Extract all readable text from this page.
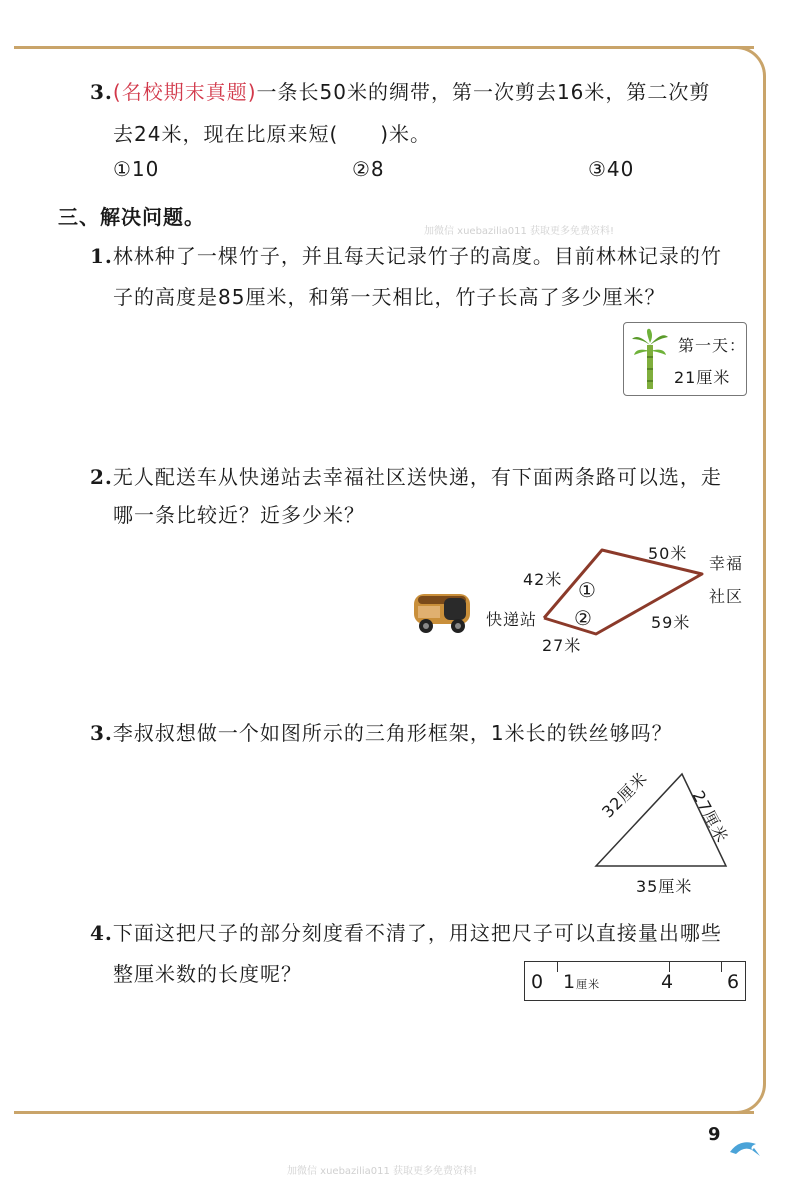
3.(名校期末真题)一条长50米的绸带，第一次剪去16米，第二次剪
去24米，现在比原来短(　　)米。
①10	②8	③40
三、解决问题。
加微信 xuebazilia011 获取更多免费资料!
1.林林种了一棵竹子，并且每天记录竹子的高度。目前林林记录的竹
子的高度是85厘米，和第一天相比，竹子长高了多少厘米？
第一天：
21厘米
2.无人配送车从快递站去幸福社区送快递，有下面两条路可以选，走
哪一条比较近？近多少米？
快递站
幸福
社区
①
②
42米
50米
27米
59米
3.李叔叔想做一个如图所示的三角形框架，1米长的铁丝够吗？
32厘米 27厘米
35厘米
4.下面这把尺子的部分刻度看不清了，用这把尺子可以直接量出哪些
整厘米数的长度呢？	0 1厘米	4	6
9
加微信 xuebazilia011 获取更多免费资料!
